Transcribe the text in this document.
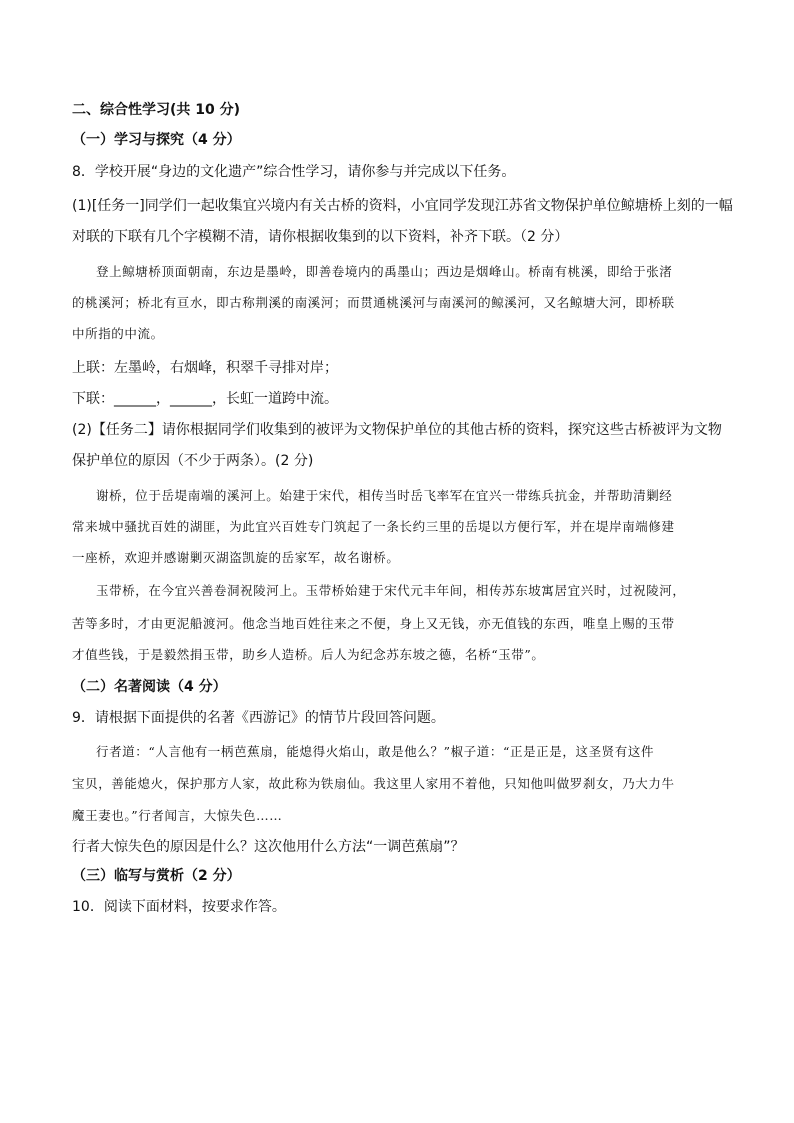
二、综合性学习(共 10 分)
（一）学习与探究（4 分）
8．学校开展“身边的文化遗产”综合性学习，请你参与并完成以下任务。
(1)[任务一]同学们一起收集宜兴境内有关古桥的资料，小宜同学发现江苏省文物保护单位鲸塘桥上刻的一幅
对联的下联有几个字模糊不清，请你根据收集到的以下资料，补齐下联。（2 分）
登上鲸塘桥顶面朝南，东边是墨岭，即善卷境内的禹墨山；西边是烟峰山。桥南有桃溪，即给于张渚
的桃溪河；桥北有亘水，即古称荆溪的南溪河；而贯通桃溪河与南溪河的鲸溪河，又名鲸塘大河，即桥联
中所指的中流。
上联：左墨岭，右烟峰，积翠千寻排对岸；
下联：______，______，长虹一道跨中流。
(2)【任务二】请你根据同学们收集到的被评为文物保护单位的其他古桥的资料，探究这些古桥被评为文物
保护单位的原因（不少于两条）。(2 分)
谢桥，位于岳堤南端的溪河上。始建于宋代，相传当时岳飞率军在宜兴一带练兵抗金，并帮助清剿经
常来城中骚扰百姓的湖匪，为此宜兴百姓专门筑起了一条长约三里的岳堤以方便行军，并在堤岸南端修建
一座桥，欢迎并感谢剿灭湖盗凯旋的岳家军，故名谢桥。
玉带桥，在今宜兴善卷洞祝陵河上。玉带桥始建于宋代元丰年间，相传苏东坡寓居宜兴时，过祝陵河，
苦等多时，才由更泥船渡河。他念当地百姓往来之不便，身上又无钱，亦无值钱的东西，唯皇上赐的玉带
才值些钱，于是毅然捐玉带，助乡人造桥。后人为纪念苏东坡之德，名桥“玉带”。
（二）名著阅读（4 分）
9．请根据下面提供的名著《西游记》的情节片段回答问题。
行者道：“人言他有一柄芭蕉扇，能熄得火焰山，敢是他么？”椒子道：“正是正是，这圣贤有这件
宝贝，善能熄火，保护那方人家，故此称为铁扇仙。我这里人家用不着他，只知他叫做罗刹女，乃大力牛
魔王妻也。”行者闻言，大惊失色……
行者大惊失色的原因是什么？这次他用什么方法“一调芭蕉扇”？
（三）临写与赏析（2 分）
10．阅读下面材料，按要求作答。
